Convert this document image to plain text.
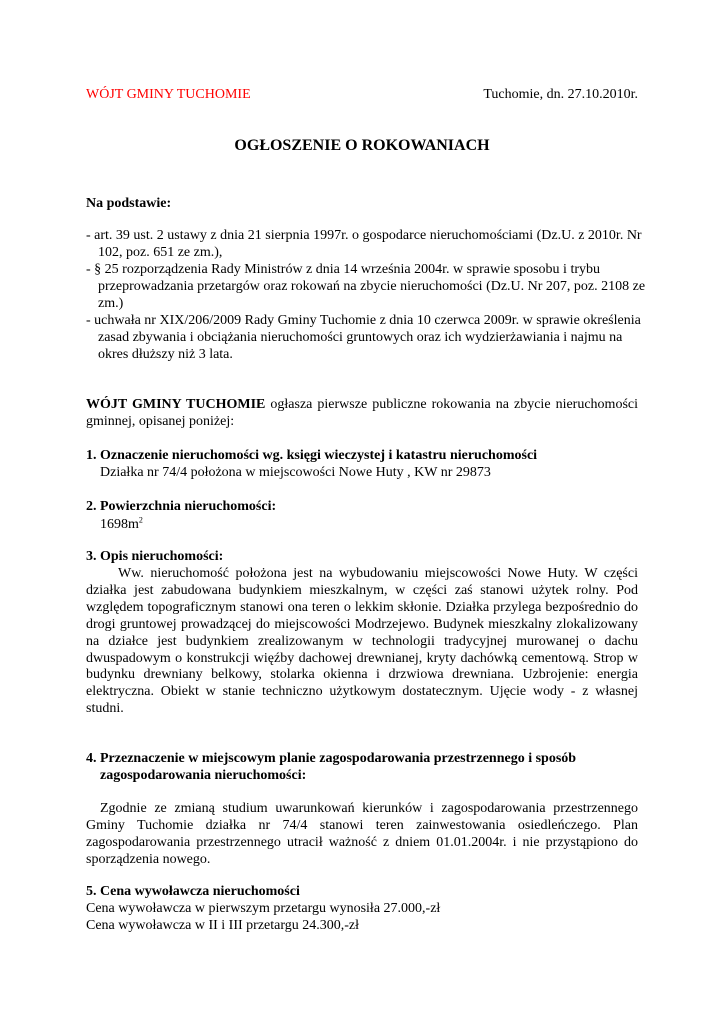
WÓJT GMINY TUCHOMIE	Tuchomie, dn. 27.10.2010r.
OGŁOSZENIE O ROKOWANIACH
Na podstawie:
- art. 39 ust. 2 ustawy z dnia 21 sierpnia 1997r. o gospodarce nieruchomościami (Dz.U. z 2010r. Nr 102, poz. 651 ze zm.),
- § 25 rozporządzenia Rady Ministrów z dnia 14 września 2004r. w sprawie sposobu i trybu przeprowadzania przetargów oraz rokowań na zbycie nieruchomości (Dz.U. Nr 207, poz. 2108 ze zm.)
- uchwała nr XIX/206/2009 Rady Gminy Tuchomie z dnia 10 czerwca 2009r. w sprawie określenia zasad zbywania i obciążania nieruchomości gruntowych oraz ich wydzierżawiania i najmu na okres dłuższy niż 3 lata.
WÓJT GMINY TUCHOMIE ogłasza pierwsze publiczne rokowania na zbycie nieruchomości gminnej, opisanej poniżej:
1. Oznaczenie nieruchomości wg. księgi wieczystej i katastru nieruchomości
Działka nr 74/4 położona w miejscowości Nowe Huty , KW nr 29873
2. Powierzchnia nieruchomości:
$1698m^2$
3. Opis nieruchomości:
Ww. nieruchomość położona jest na wybudowaniu miejscowości Nowe Huty. W części działka jest zabudowana budynkiem mieszkalnym, w części zaś stanowi użytek rolny. Pod względem topograficznym stanowi ona teren o lekkim skłonie. Działka przylega bezpośrednio do drogi gruntowej prowadzącej do miejscowości Modrzejewo. Budynek mieszkalny zlokalizowany na działce jest budynkiem zrealizowanym w technologii tradycyjnej murowanej o dachu dwuspadowym o konstrukcji więźby dachowej drewnianej, kryty dachówką cementową. Strop w budynku drewniany belkowy, stolarka okienna i drzwiowa drewniana. Uzbrojenie: energia elektryczna. Obiekt w stanie techniczno użytkowym dostatecznym. Ujęcie wody - z własnej studni.
4. Przeznaczenie w miejscowym planie zagospodarowania przestrzennego i sposób zagospodarowania nieruchomości:
Zgodnie ze zmianą studium uwarunkowań kierunków i zagospodarowania przestrzennego Gminy Tuchomie działka nr 74/4 stanowi teren zainwestowania osiedleńczego. Plan zagospodarowania przestrzennego utracił ważność z dniem 01.01.2004r. i nie przystąpiono do sporządzenia nowego.
5. Cena wywoławcza nieruchomości
Cena wywoławcza w pierwszym przetargu wynosiła 27.000,-zł
Cena wywoławcza w II i III przetargu 24.300,-zł
